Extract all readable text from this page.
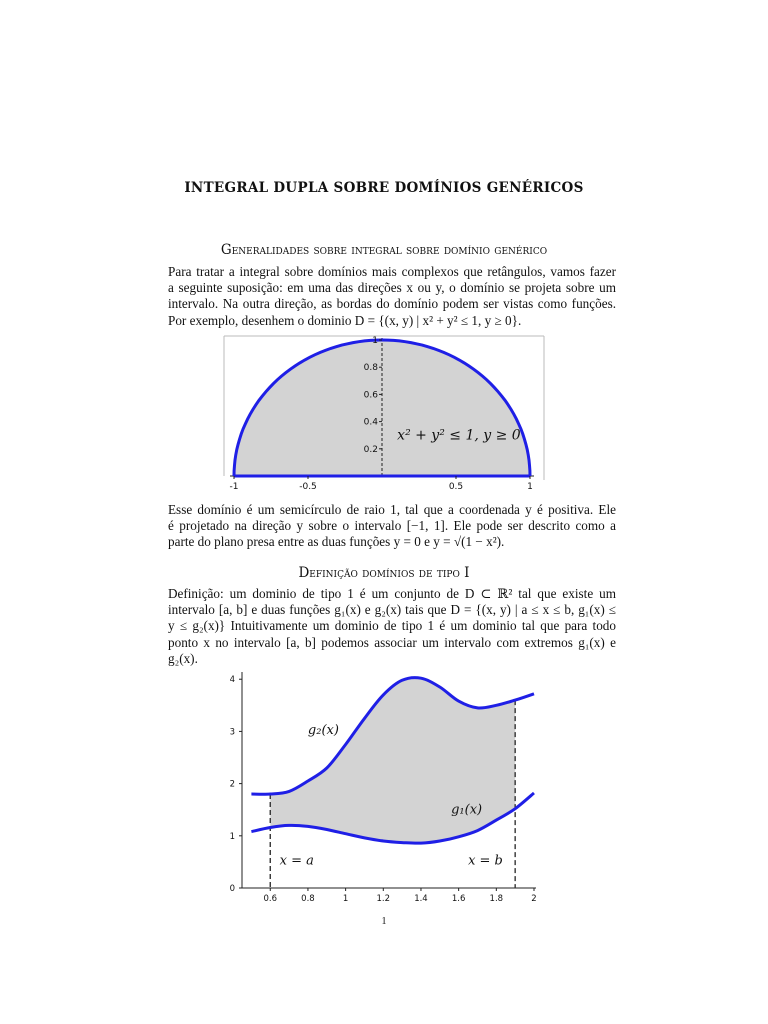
INTEGRAL DUPLA SOBRE DOMÍNIOS GENÉRICOS
Generalidades sobre integral sobre domínio genérico
Para tratar a integral sobre domínios mais complexos que retângulos, vamos fazer
a seguinte suposição: em uma das direções x ou y, o domínio se projeta sobre um
intervalo. Na outra direção, as bordas do domínio podem ser vistas como funções.
Por exemplo, desenhem o dominio D = {(x, y) | x² + y² ≤ 1, y ≥ 0}.
-1	-0.5	0.5	1
0.2
0.4
0.6
0.8
1
x² + y² ≤ 1, y ≥ 0
Esse domínio é um semicírculo de raio 1, tal que a coordenada y é positiva. Ele
é projetado na direção y sobre o intervalo [−1, 1]. Ele pode ser descrito como a
parte do plano presa entre as duas funções y = 0 e y = √(1 − x²).
Definição domínios de tipo I
Definição: um dominio de tipo 1 é um conjunto de D ⊂ ℝ² tal que existe um
intervalo [a, b] e duas funções g₁(x) e g₂(x) tais que D = {(x, y) | a ≤ x ≤ b, g₁(x) ≤
y ≤ g₂(x)} Intuitivamente um dominio de tipo 1 é um dominio tal que para todo
ponto x no intervalo [a, b] podemos associar um intervalo com extremos g₁(x) e
g₂(x).
0.6	0.8	1	1.2	1.4	1.6	1.8	2
0
1
2
3
4
g₂(x)
g₁(x)
x = a	x = b
1
